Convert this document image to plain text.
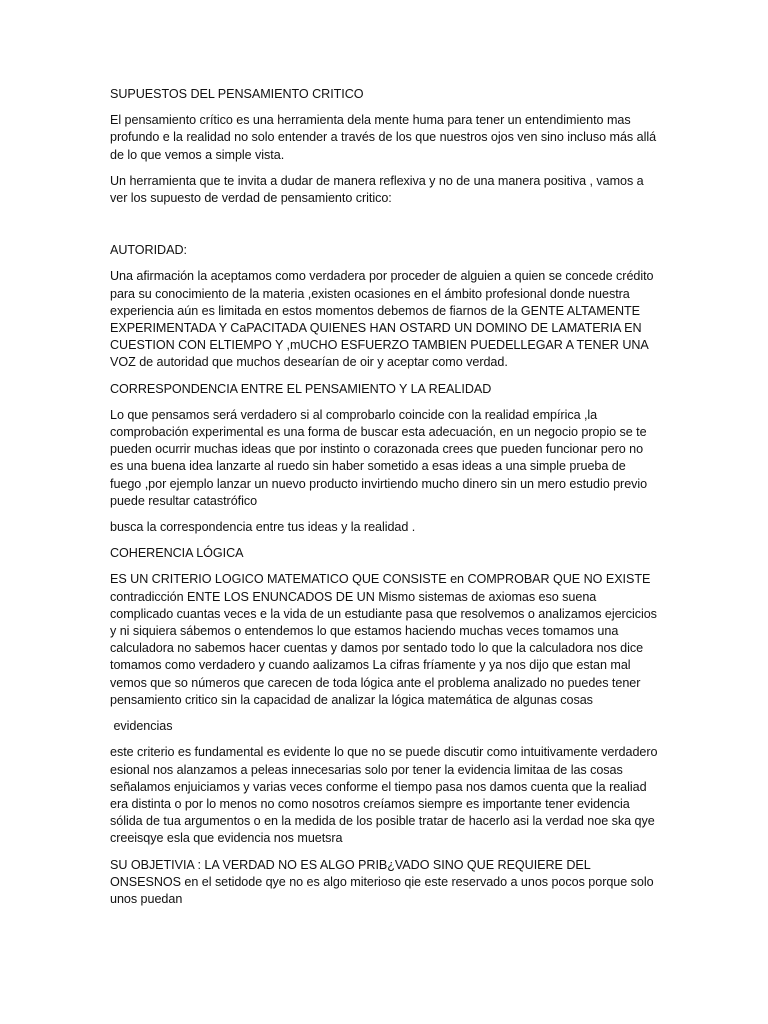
SUPUESTOS DEL PENSAMIENTO CRITICO

El pensamiento crítico es una herramienta dela mente huma para tener un entendimiento mas profundo e la realidad no solo entender a través de los que nuestros ojos ven sino incluso más allá de lo que vemos a simple vista.

Un herramienta que te invita a dudar de manera reflexiva y no de una manera positiva , vamos a ver los supuesto de verdad de pensamiento critico:

AUTORIDAD:

Una afirmación la aceptamos como verdadera por proceder de alguien a quien se concede crédito para su conocimiento de la materia ,existen ocasiones en el ámbito profesional donde nuestra experiencia aún es limitada en estos momentos debemos de fiarnos de la GENTE ALTAMENTE EXPERIMENTADA Y CaPACITADA QUIENES HAN OSTARD UN DOMINO DE LAMATERIA EN CUESTION CON ELTIEMPO Y ,mUCHO ESFUERZO TAMBIEN PUEDELLEGAR A TENER UNA VOZ de autoridad que muchos desearían de oir y aceptar como verdad.

CORRESPONDENCIA ENTRE EL PENSAMIENTO Y LA REALIDAD

Lo que pensamos será verdadero si al comprobarlo coincide con la realidad empírica ,la comprobación experimental es una forma de buscar esta adecuación, en un negocio propio se te pueden ocurrir muchas ideas que por instinto o corazonada crees que pueden funcionar pero no es una buena idea lanzarte al ruedo sin haber sometido a esas ideas a una simple prueba de fuego ,por ejemplo lanzar un nuevo producto invirtiendo mucho dinero sin un mero estudio previo puede resultar catastrófico

busca la correspondencia entre tus ideas y la realidad .

COHERENCIA LÓGICA

ES UN CRITERIO LOGICO MATEMATICO QUE CONSISTE en COMPROBAR QUE NO EXISTE contradicción ENTE LOS ENUNCADOS DE UN Mismo sistemas de axiomas eso suena complicado cuantas veces e la vida de un estudiante pasa que resolvemos o analizamos ejercicios y ni siquiera sábemos o entendemos lo que estamos haciendo muchas veces tomamos una calculadora no sabemos hacer cuentas y damos por sentado todo lo que la calculadora nos dice tomamos como verdadero y cuando aalizamos La cifras fríamente y ya nos dijo que estan mal vemos que so números que carecen de toda lógica ante el problema analizado no puedes tener pensamiento critico sin la capacidad de analizar la lógica matemática de algunas cosas

evidencias

este criterio es fundamental es evidente lo que no se puede discutir como intuitivamente verdadero esional nos alanzamos a peleas innecesarias solo por tener la evidencia limitaa de las cosas señalamos enjuiciamos y varias veces conforme el tiempo pasa nos damos cuenta que la realiad era distinta o por lo menos no como nosotros creíamos siempre es importante tener evidencia sólida de tua argumentos o en la medida de los posible tratar de hacerlo asi la verdad noe ska qye creeisqye esla que evidencia nos muetsra

SU OBJETIVIA : LA VERDAD NO ES ALGO PRIB¿VADO SINO QUE REQUIERE DEL ONSESNOS en el setidode qye no es algo miterioso qie este reservado a unos pocos porque solo unos puedan
